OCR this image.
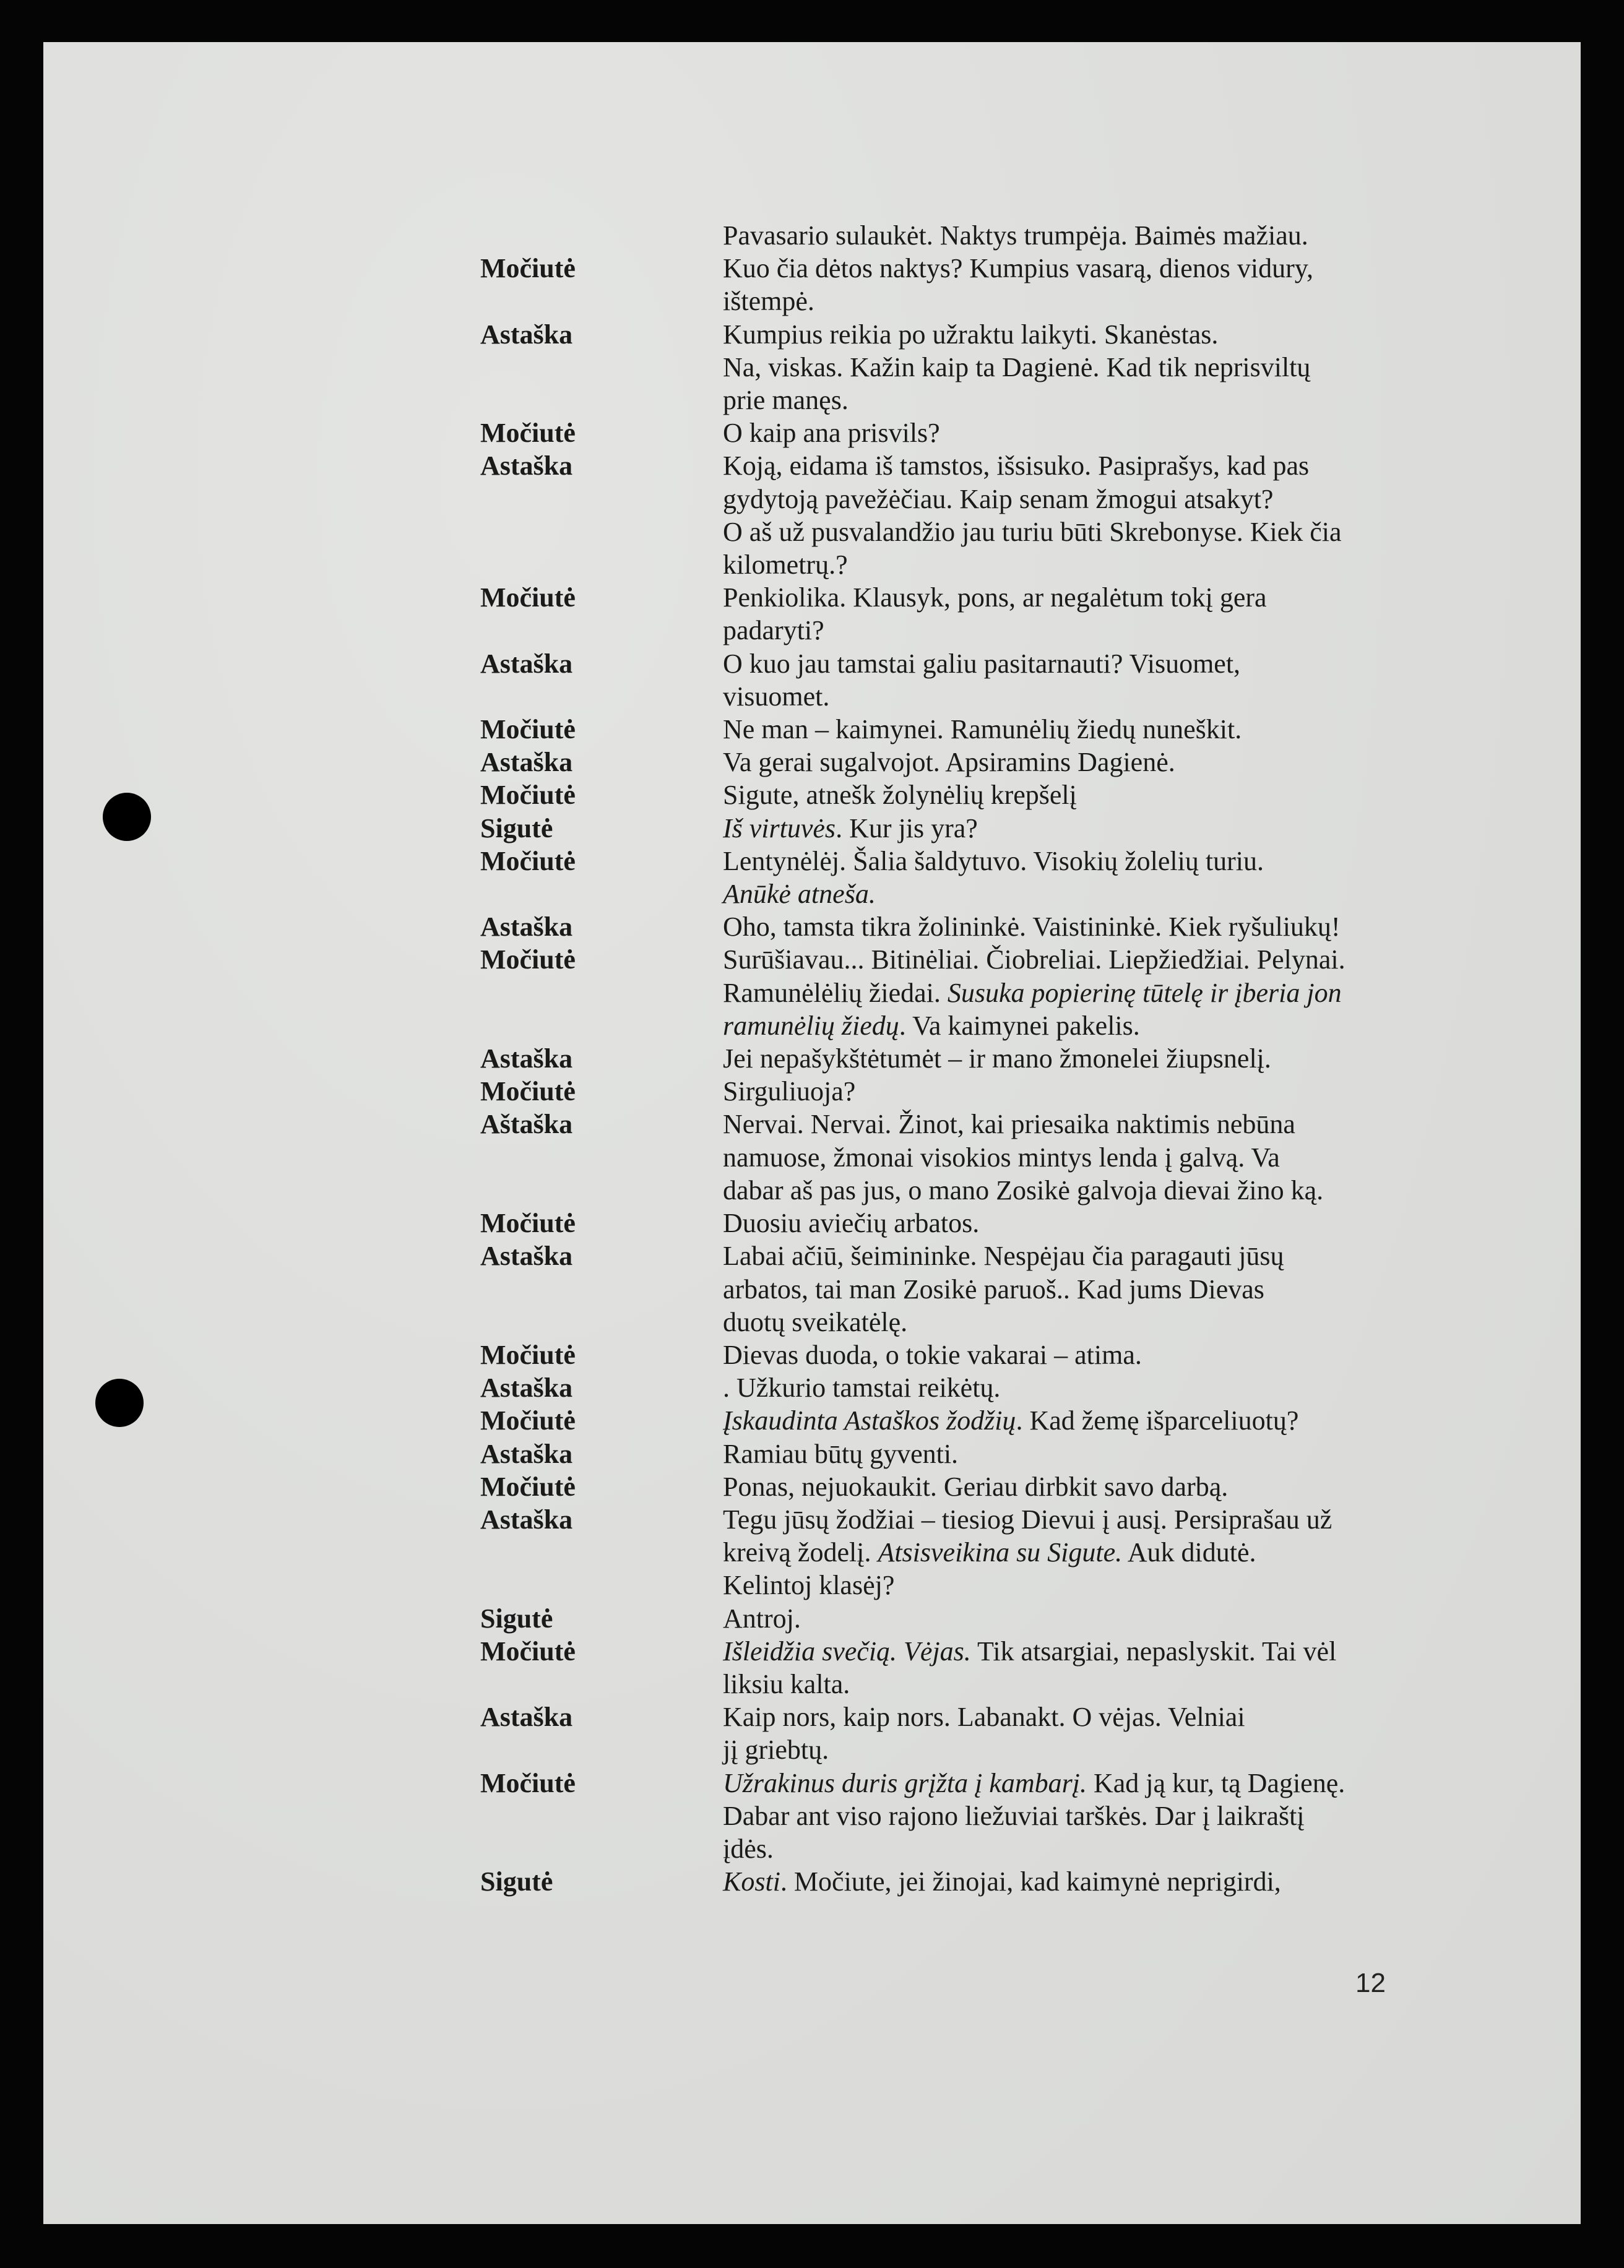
Pavasario sulaukėt. Naktys trumpėja. Baimės mažiau.
Močiutė	Kuo čia dėtos naktys? Kumpius vasarą, dienos vidury,
ištempė.
Astaška	Kumpius reikia po užraktu laikyti. Skanėstas.
Na, viskas. Kažin kaip ta Dagienė. Kad tik neprisviltų
prie manęs.
Močiutė	O kaip ana prisvils?
Astaška	Koją, eidama iš tamstos, išsisuko. Pasiprašys, kad pas
gydytoją pavežėčiau. Kaip senam žmogui atsakyt?
O aš už pusvalandžio jau turiu būti Skrebonyse. Kiek čia
kilometrų.?
Močiutė	Penkiolika. Klausyk, pons, ar negalėtum tokį gera
padaryti?
Astaška	O kuo jau tamstai galiu pasitarnauti? Visuomet,
visuomet.
Močiutė	Ne man – kaimynei. Ramunėlių žiedų nuneškit.
Astaška	Va gerai sugalvojot. Apsiramins Dagienė.
Močiutė	Sigute, atnešk žolynėlių krepšelį
Sigutė	Iš virtuvės. Kur jis yra?
Močiutė	Lentynėlėj. Šalia šaldytuvo. Visokių žolelių turiu.
Anūkė atneša.
Astaška	Oho, tamsta tikra žolininkė. Vaistininkė. Kiek ryšuliukų!
Močiutė	Surūšiavau... Bitinėliai. Čiobreliai. Liepžiedžiai. Pelynai.
Ramunėlėlių žiedai. Susuka popierinę tūtelę ir įberia jon
ramunėlių žiedų. Va kaimynei pakelis.
Astaška	Jei nepašykštėtumėt – ir mano žmonelei žiupsnelį.
Močiutė	Sirguliuoja?
Aštaška	Nervai. Nervai. Žinot, kai priesaika naktimis nebūna
namuose, žmonai visokios mintys lenda į galvą. Va
dabar aš pas jus, o mano Zosikė galvoja dievai žino ką.
Močiutė	Duosiu aviečių arbatos.
Astaška	Labai ačiū, šeimininke. Nespėjau čia paragauti jūsų
arbatos, tai man Zosikė paruoš.. Kad jums Dievas
duotų sveikatėlę.
Močiutė	Dievas duoda, o tokie vakarai – atima.
Astaška	. Užkurio tamstai reikėtų.
Močiutė	Įskaudinta Astaškos žodžių. Kad žemę išparceliuotų?
Astaška	Ramiau būtų gyventi.
Močiutė	Ponas, nejuokaukit. Geriau dirbkit savo darbą.
Astaška	Tegu jūsų žodžiai – tiesiog Dievui į ausį. Persiprašau už
kreivą žodelį. Atsisveikina su Sigute. Auk didutė.
Kelintoj klasėj?
Sigutė	Antroj.
Močiutė	Išleidžia svečią. Vėjas. Tik atsargiai, nepaslyskit. Tai vėl
liksiu kalta.
Astaška	Kaip nors, kaip nors. Labanakt. O vėjas. Velniai
jį griebtų.
Močiutė	Užrakinus duris grįžta į kambarį. Kad ją kur, tą Dagienę.
Dabar ant viso rajono liežuviai tarškės. Dar į laikraštį
įdės.
Sigutė	Kosti. Močiute, jei žinojai, kad kaimynė neprigirdi,
12
